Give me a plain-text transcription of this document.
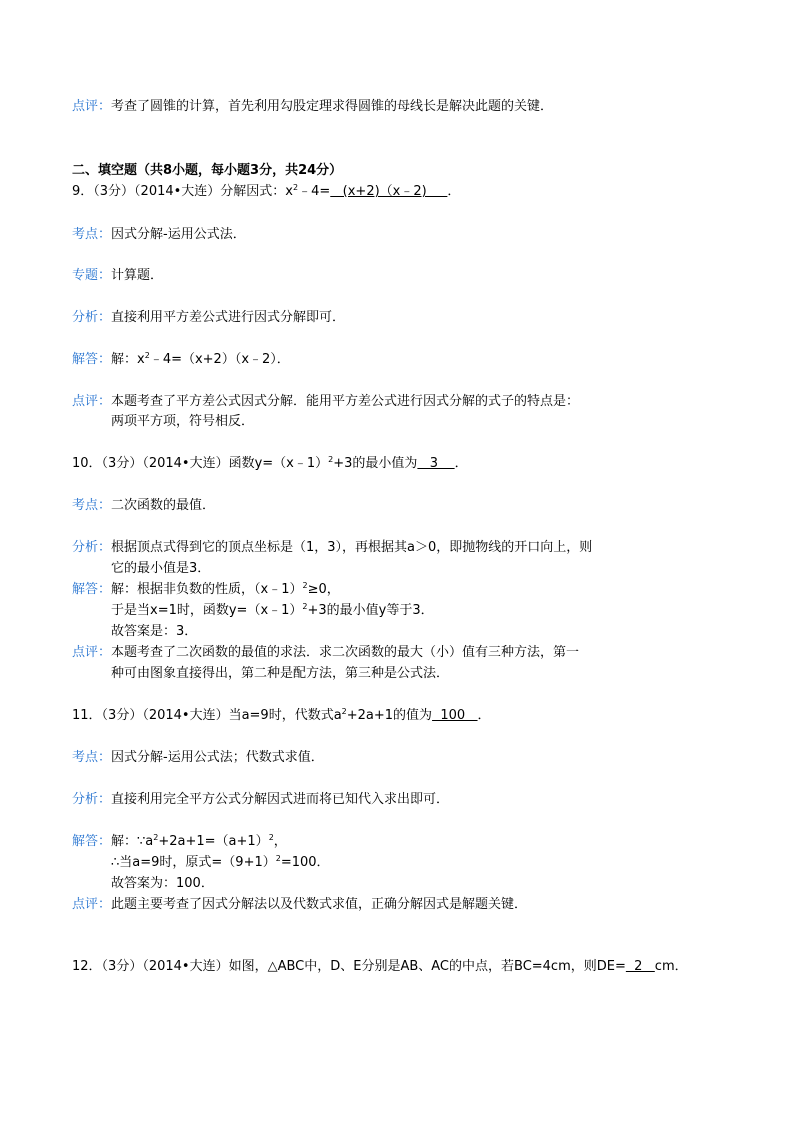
点评：考查了圆锥的计算，首先利用勾股定理求得圆锥的母线长是解决此题的关键．
二、填空题（共8小题，每小题3分，共24分）
9．（3分）（2014•大连）分解因式：$x^2﹣4=$   (x+2)（x﹣2)     ．
考点：因式分解-运用公式法．
专题：计算题．
分析：直接利用平方差公式进行因式分解即可．
解答：解：$x^2﹣4=(x+2)(x﹣2)$．
点评：本题考查了平方差公式因式分解．能用平方差公式进行因式分解的式子的特点是：
两项平方项，符号相反．
10．（3分）（2014•大连）函数y=（x﹣1）$^2$+3的最小值为   3    ．
考点：二次函数的最值．
分析：根据顶点式得到它的顶点坐标是（1，3），再根据其a＞0，即抛物线的开口向上，则
它的最小值是3．
解答：解：根据非负数的性质，（x﹣1）$^2$≥0，
于是当x=1时，函数y=（x﹣1）$^2$+3的最小值y等于3．
故答案是：3．
点评：本题考查了二次函数的最值的求法．求二次函数的最大（小）值有三种方法，第一
种可由图象直接得出，第二种是配方法，第三种是公式法．
11．（3分）（2014•大连）当a=9时，代数式$a^2+2a+1$的值为  100   ．
考点：因式分解-运用公式法；代数式求值．
分析：直接利用完全平方公式分解因式进而将已知代入求出即可．
解答：解：$\because a^2+2a+1=(a+1)^2$，
∴当a=9时，原式$=(9+1)^2=100$．
故答案为：100．
点评：此题主要考查了因式分解法以及代数式求值，正确分解因式是解题关键．
12．（3分）（2014•大连）如图，△ABC中，D、E分别是AB、AC的中点，若BC=4cm，则DE=  2   cm．
